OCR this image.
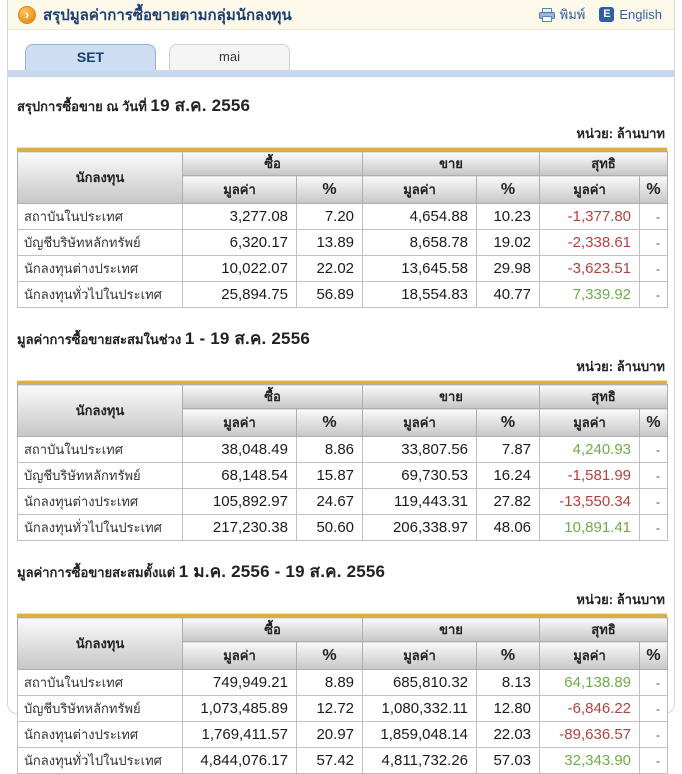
› สรุปมูลค่าการซื้อขายตามกลุ่มนักลงทุน	พิมพ์	E English
SET	mai
สรุปการซื้อขาย ณ วันที่ 19 ส.ค. 2556
หน่วย: ล้านบาท
นักลงทุน	ซื้อ		ขาย		สุทธิ	
	มูลค่า	%	มูลค่า	%	มูลค่า	%
สถาบันในประเทศ	3,277.08	7.20	4,654.88	10.23	-1,377.80	-
บัญชีบริษัทหลักทรัพย์	6,320.17	13.89	8,658.78	19.02	-2,338.61	-
นักลงทุนต่างประเทศ	10,022.07	22.02	13,645.58	29.98	-3,623.51	-
นักลงทุนทั่วไปในประเทศ	25,894.75	56.89	18,554.83	40.77	7,339.92	-
มูลค่าการซื้อขายสะสมในช่วง 1 - 19 ส.ค. 2556
หน่วย: ล้านบาท
นักลงทุน	ซื้อ		ขาย		สุทธิ	
	มูลค่า	%	มูลค่า	%	มูลค่า	%
สถาบันในประเทศ	38,048.49	8.86	33,807.56	7.87	4,240.93	-
บัญชีบริษัทหลักทรัพย์	68,148.54	15.87	69,730.53	16.24	-1,581.99	-
นักลงทุนต่างประเทศ	105,892.97	24.67	119,443.31	27.82	-13,550.34	-
นักลงทุนทั่วไปในประเทศ	217,230.38	50.60	206,338.97	48.06	10,891.41	-
มูลค่าการซื้อขายสะสมตั้งแต่ 1 ม.ค. 2556 - 19 ส.ค. 2556
หน่วย: ล้านบาท
นักลงทุน	ซื้อ		ขาย		สุทธิ	
	มูลค่า	%	มูลค่า	%	มูลค่า	%
สถาบันในประเทศ	749,949.21	8.89	685,810.32	8.13	64,138.89	-
บัญชีบริษัทหลักทรัพย์	1,073,485.89	12.72	1,080,332.11	12.80	-6,846.22	-
นักลงทุนต่างประเทศ	1,769,411.57	20.97	1,859,048.14	22.03	-89,636.57	-
นักลงทุนทั่วไปในประเทศ	4,844,076.17	57.42	4,811,732.26	57.03	32,343.90	-
